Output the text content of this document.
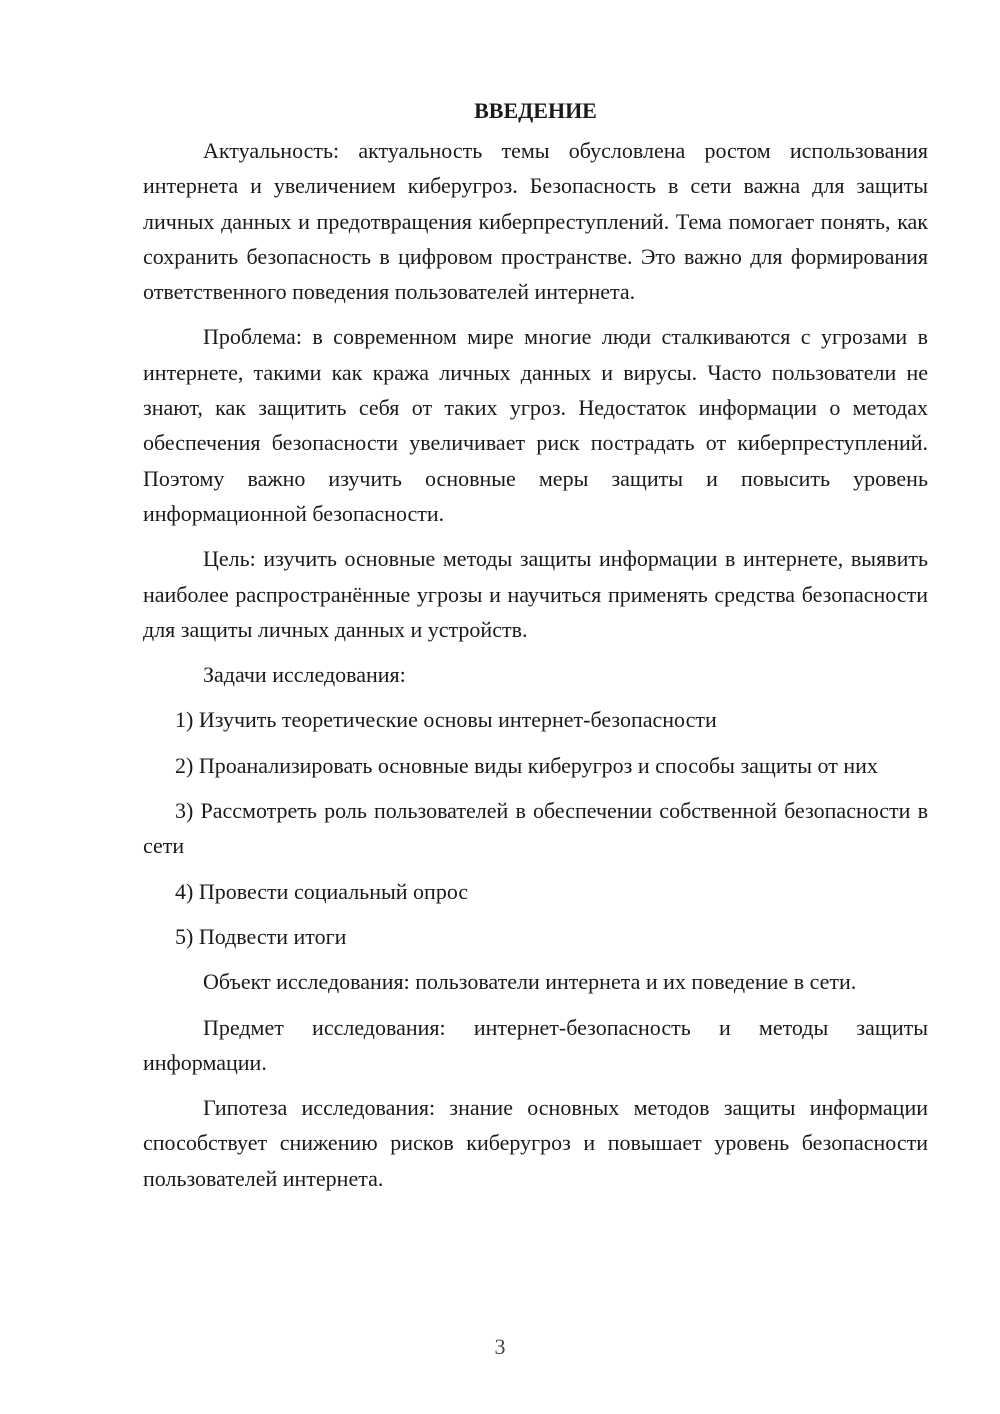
ВВЕДЕНИЕ

Актуальность: актуальность темы обусловлена ростом использования интернета и увеличением киберугроз. Безопасность в сети важна для защиты личных данных и предотвращения киберпреступлений. Тема помогает понять, как сохранить безопасность в цифровом пространстве. Это важно для формирования ответственного поведения пользователей интернета.

Проблема: в современном мире многие люди сталкиваются с угрозами в интернете, такими как кража личных данных и вирусы. Часто пользователи не знают, как защитить себя от таких угроз. Недостаток информации о методах обеспечения безопасности увеличивает риск пострадать от киберпреступлений. Поэтому важно изучить основные меры защиты и повысить уровень информационной безопасности.

Цель: изучить основные методы защиты информации в интернете, выявить наиболее распространённые угрозы и научиться применять средства безопасности для защиты личных данных и устройств.

Задачи исследования:

1) Изучить теоретические основы интернет-безопасности

2) Проанализировать основные виды киберугроз и способы защиты от них

3) Рассмотреть роль пользователей в обеспечении собственной безопасности в сети

4) Провести социальный опрос

5) Подвести итоги

Объект исследования: пользователи интернета и их поведение в сети.

Предмет исследования: интернет-безопасность и методы защиты информации.

Гипотеза исследования: знание основных методов защиты информации способствует снижению рисков киберугроз и повышает уровень безопасности пользователей интернета.

3
